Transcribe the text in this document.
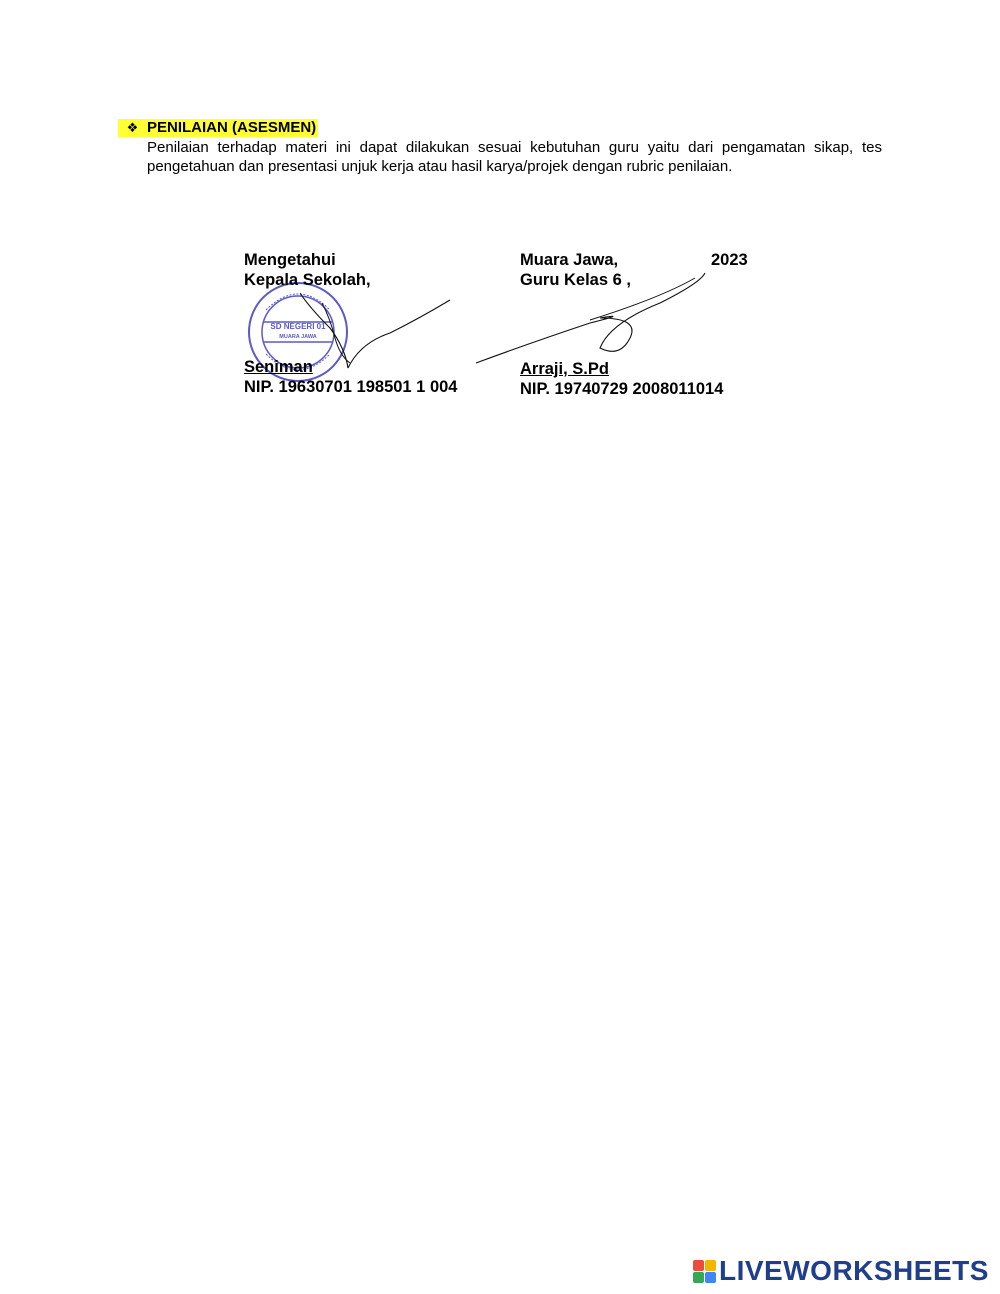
❖ PENILAIAN (ASESMEN)
Penilaian terhadap materi ini dapat dilakukan sesuai kebutuhan guru yaitu dari pengamatan sikap, tes pengetahuan dan presentasi unjuk kerja atau hasil karya/projek dengan rubric penilaian.
SD NEGERI 01
MUARA JAWA
Mengetahui
Kepala Sekolah,
Seniman
NIP. 19630701 198501 1 004
Muara Jawa,	2023
Guru Kelas 6 ,
Arraji, S.Pd
NIP. 19740729 2008011014
LIVEWORKSHEETS
